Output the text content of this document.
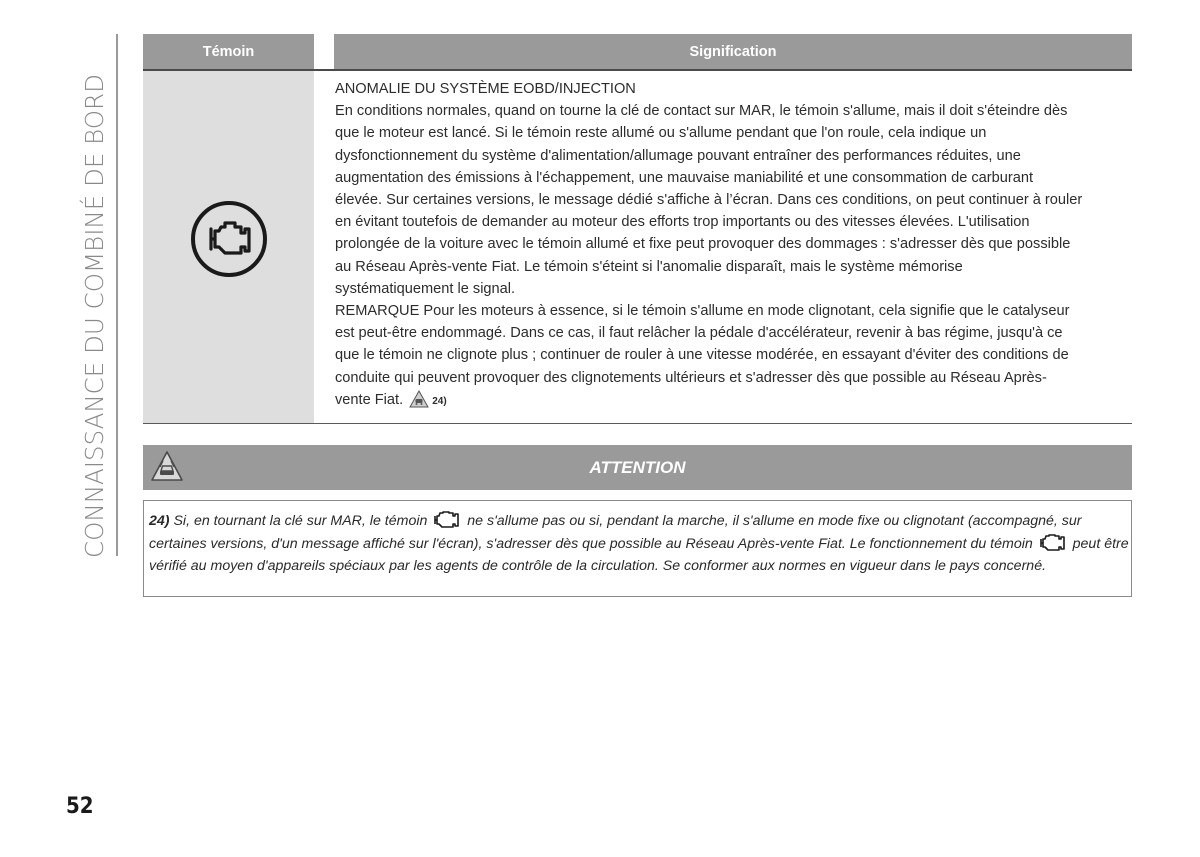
CONNAISSANCE DU COMBINÉ DE BORD
Témoin	Signification

ANOMALIE DU SYSTÈME EOBD/INJECTION

En conditions normales, quand on tourne la clé de contact sur MAR, le témoin s'allume, mais il doit s'éteindre dès

que le moteur est lancé. Si le témoin reste allumé ou s'allume pendant que l'on roule, cela indique un

dysfonctionnement du système d'alimentation/allumage pouvant entraîner des performances réduites, une

augmentation des émissions à l'échappement, une mauvaise maniabilité et une consommation de carburant

élevée. Sur certaines versions, le message dédié s'affiche à l’écran. Dans ces conditions, on peut continuer à rouler

en évitant toutefois de demander au moteur des efforts trop importants ou des vitesses élevées. L'utilisation

prolongée de la voiture avec le témoin allumé et fixe peut provoquer des dommages : s'adresser dès que possible

au Réseau Après-vente Fiat. Le témoin s'éteint si l'anomalie disparaît, mais le système mémorise

systématiquement le signal.

REMARQUE Pour les moteurs à essence, si le témoin s'allume en mode clignotant, cela signifie que le catalyseur

est peut-être endommagé. Dans ce cas, il faut relâcher la pédale d'accélérateur, revenir à bas régime, jusqu'à ce

que le témoin ne clignote plus ; continuer de rouler à une vitesse modérée, en essayant d'éviter des conditions de

conduite qui peuvent provoquer des clignotements ultérieurs et s'adresser dès que possible au Réseau Après-

vente Fiat.	24)

ATTENTION
24) Si, en tournant la clé sur MAR, le témoin  ne s'allume pas ou si, pendant la marche, il s'allume en mode fixe ou clignotant (accompagné, sur certaines versions, d'un message affiché sur l'écran), s'adresser dès que possible au Réseau Après-vente Fiat. Le fonctionnement du témoin  peut être vérifié au moyen d'appareils spéciaux par les agents de contrôle de la circulation. Se conformer aux normes en vigueur dans le pays concerné.
52
